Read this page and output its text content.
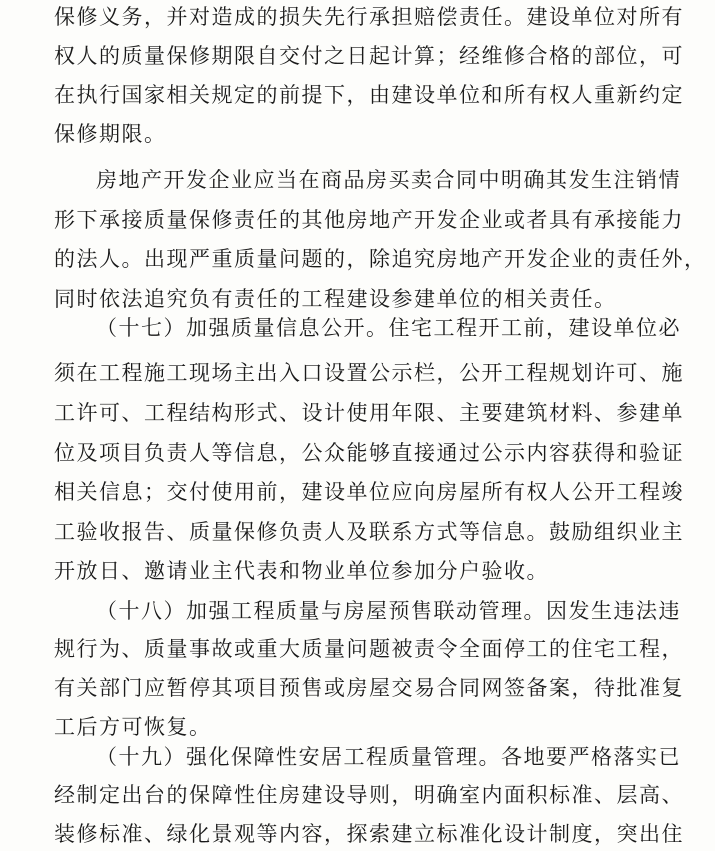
保修义务，并对造成的损失先行承担赔偿责任。建设单位对所有
权人的质量保修期限自交付之日起计算；经维修合格的部位，可
在执行国家相关规定的前提下，由建设单位和所有权人重新约定
保修期限。
房地产开发企业应当在商品房买卖合同中明确其发生注销情
形下承接质量保修责任的其他房地产开发企业或者具有承接能力
的法人。出现严重质量问题的，除追究房地产开发企业的责任外，
同时依法追究负有责任的工程建设参建单位的相关责任。
（十七）加强质量信息公开。住宅工程开工前，建设单位必
须在工程施工现场主出入口设置公示栏，公开工程规划许可、施
工许可、工程结构形式、设计使用年限、主要建筑材料、参建单
位及项目负责人等信息，公众能够直接通过公示内容获得和验证
相关信息；交付使用前，建设单位应向房屋所有权人公开工程竣
工验收报告、质量保修负责人及联系方式等信息。鼓励组织业主
开放日、邀请业主代表和物业单位参加分户验收。
（十八）加强工程质量与房屋预售联动管理。因发生违法违
规行为、质量事故或重大质量问题被责令全面停工的住宅工程，
有关部门应暂停其项目预售或房屋交易合同网签备案，待批准复
工后方可恢复。
（十九）强化保障性安居工程质量管理。各地要严格落实已
经制定出台的保障性住房建设导则，明确室内面积标准、层高、
装修标准、绿化景观等内容，探索建立标准化设计制度，突出住
